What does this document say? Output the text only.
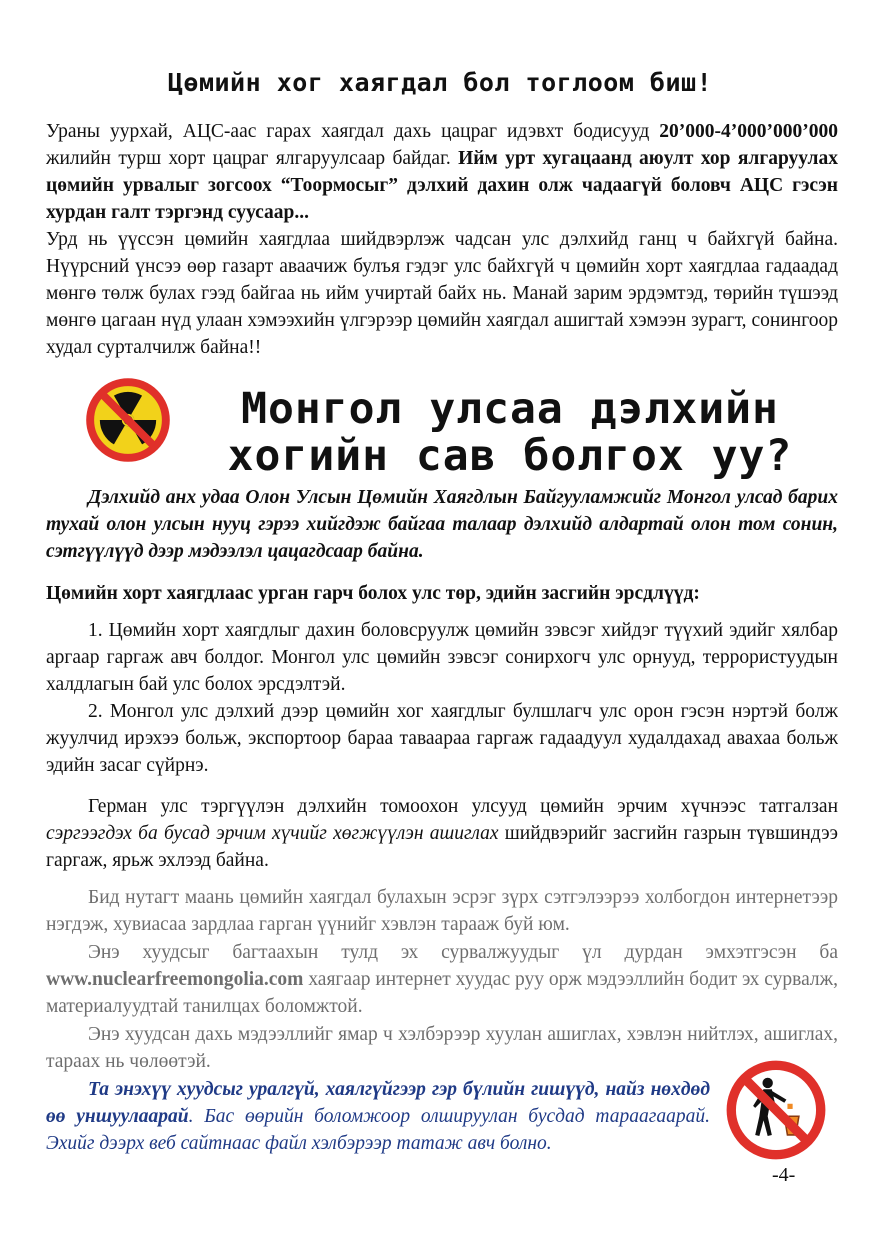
Цөмийн хог хаягдал бол тоглоом биш!

Ураны уурхай, АЦС-аас гарах хаягдал дахь цацраг идэвхт бодисууд 20’000-4’000’000’000 жилийн турш хорт цацраг ялгаруулсаар байдаг. Ийм урт хугацаанд аюулт хор ялгаруулах цөмийн урвалыг зогсоох “Тоормосыг” дэлхий дахин олж чадаагүй боловч АЦС гэсэн хурдан галт тэргэнд суусаар...

Урд нь үүссэн цөмийн хаягдлаа шийдвэрлэж чадсан улс дэлхийд ганц ч байхгүй байна. Нүүрсний үнсээ өөр газарт аваачиж булъя гэдэг улс байхгүй ч цөмийн хорт хаягдлаа гадаадад мөнгө төлж булах гээд байгаа нь ийм учиртай байх нь. Манай зарим эрдэмтэд, төрийн түшээд мөнгө цагаан нүд улаан хэмээхийн үлгэрээр цөмийн хаягдал ашигтай хэмээн зурагт, сонингоор худал сурталчилж байна!!

Монгол улсаа дэлхийн
хогийн сав болгох уу?

Дэлхийд анх удаа Олон Улсын Цөмийн Хаягдлын Байгууламжийг Монгол улсад барих тухай олон улсын нууц гэрээ хийгдэж байгаа талаар дэлхийд алдартай олон том сонин, сэтгүүлүүд дээр мэдээлэл цацагдсаар байна.

Цөмийн хорт хаягдлаас урган гарч болох улс төр, эдийн засгийн эрсдлүүд:

1. Цөмийн хорт хаягдлыг дахин боловсруулж цөмийн зэвсэг хийдэг түүхий эдийг хялбар аргаар гаргаж авч болдог. Монгол улс цөмийн зэвсэг сонирхогч улс орнууд, террористуудын халдлагын бай улс болох эрсдэлтэй.

2. Монгол улс дэлхий дээр цөмийн хог хаягдлыг булшлагч улс орон гэсэн нэртэй болж жуулчид ирэхээ больж, экспортоор бараа таваараа гаргаж гадаадуул худалдахад авахаа больж эдийн засаг сүйрнэ.

Герман улс тэргүүлэн дэлхийн томоохон улсууд цөмийн эрчим хүчнээс татгалзан сэргээгдэх ба бусад эрчим хүчийг хөгжүүлэн ашиглах шийдвэрийг засгийн газрын түвшиндээ гаргаж, ярьж эхлээд байна.

Бид нутагт маань цөмийн хаягдал булахын эсрэг зүрх сэтгэлээрээ холбогдон интернетээр нэгдэж, хувиасаа зардлаа гарган үүнийг хэвлэн тарааж буй юм.

Энэ хуудсыг багтаахын тулд эх сурвалжуудыг үл дурдан эмхэтгэсэн ба www.nuclearfreemongolia.com хаягаар интернет хуудас руу орж мэдээллийн бодит эх сурвалж, материалуудтай танилцах боломжтой.

Энэ хуудсан дахь мэдээллийг ямар ч хэлбэрээр хуулан ашиглах, хэвлэн нийтлэх, ашиглах, тараах нь чөлөөтэй.

Та энэхүү хуудсыг уралгүй, хаялгүйгээр гэр бүлийн гишүүд, найз нөхдөд өө уншуулаарай. Бас өөрийн боломжоор олшируулан бусдад тараагаарай. Эхийг дээрх веб сайтнаас файл хэлбэрээр татаж авч болно.

-4-
